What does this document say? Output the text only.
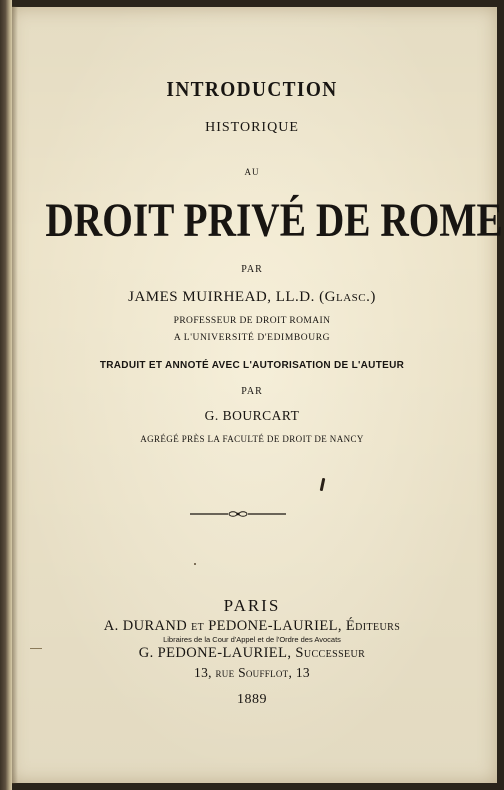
INTRODUCTION
HISTORIQUE
AU
DROIT PRIVÉ DE ROME
PAR
JAMES MUIRHEAD, LL.D. (Glasc.)
PROFESSEUR DE DROIT ROMAIN
A L'UNIVERSITÉ D'EDIMBOURG
TRADUIT ET ANNOTÉ AVEC L'AUTORISATION DE L'AUTEUR
PAR
G. BOURCART
AGRÉGÉ PRÈS LA FACULTÉ DE DROIT DE NANCY
PARIS
A. DURAND et PEDONE-LAURIEL, Éditeurs
Libraires de la Cour d'Appel et de l'Ordre des Avocats
G. PEDONE-LAURIEL, Successeur
13, rue Soufflot, 13
1889
